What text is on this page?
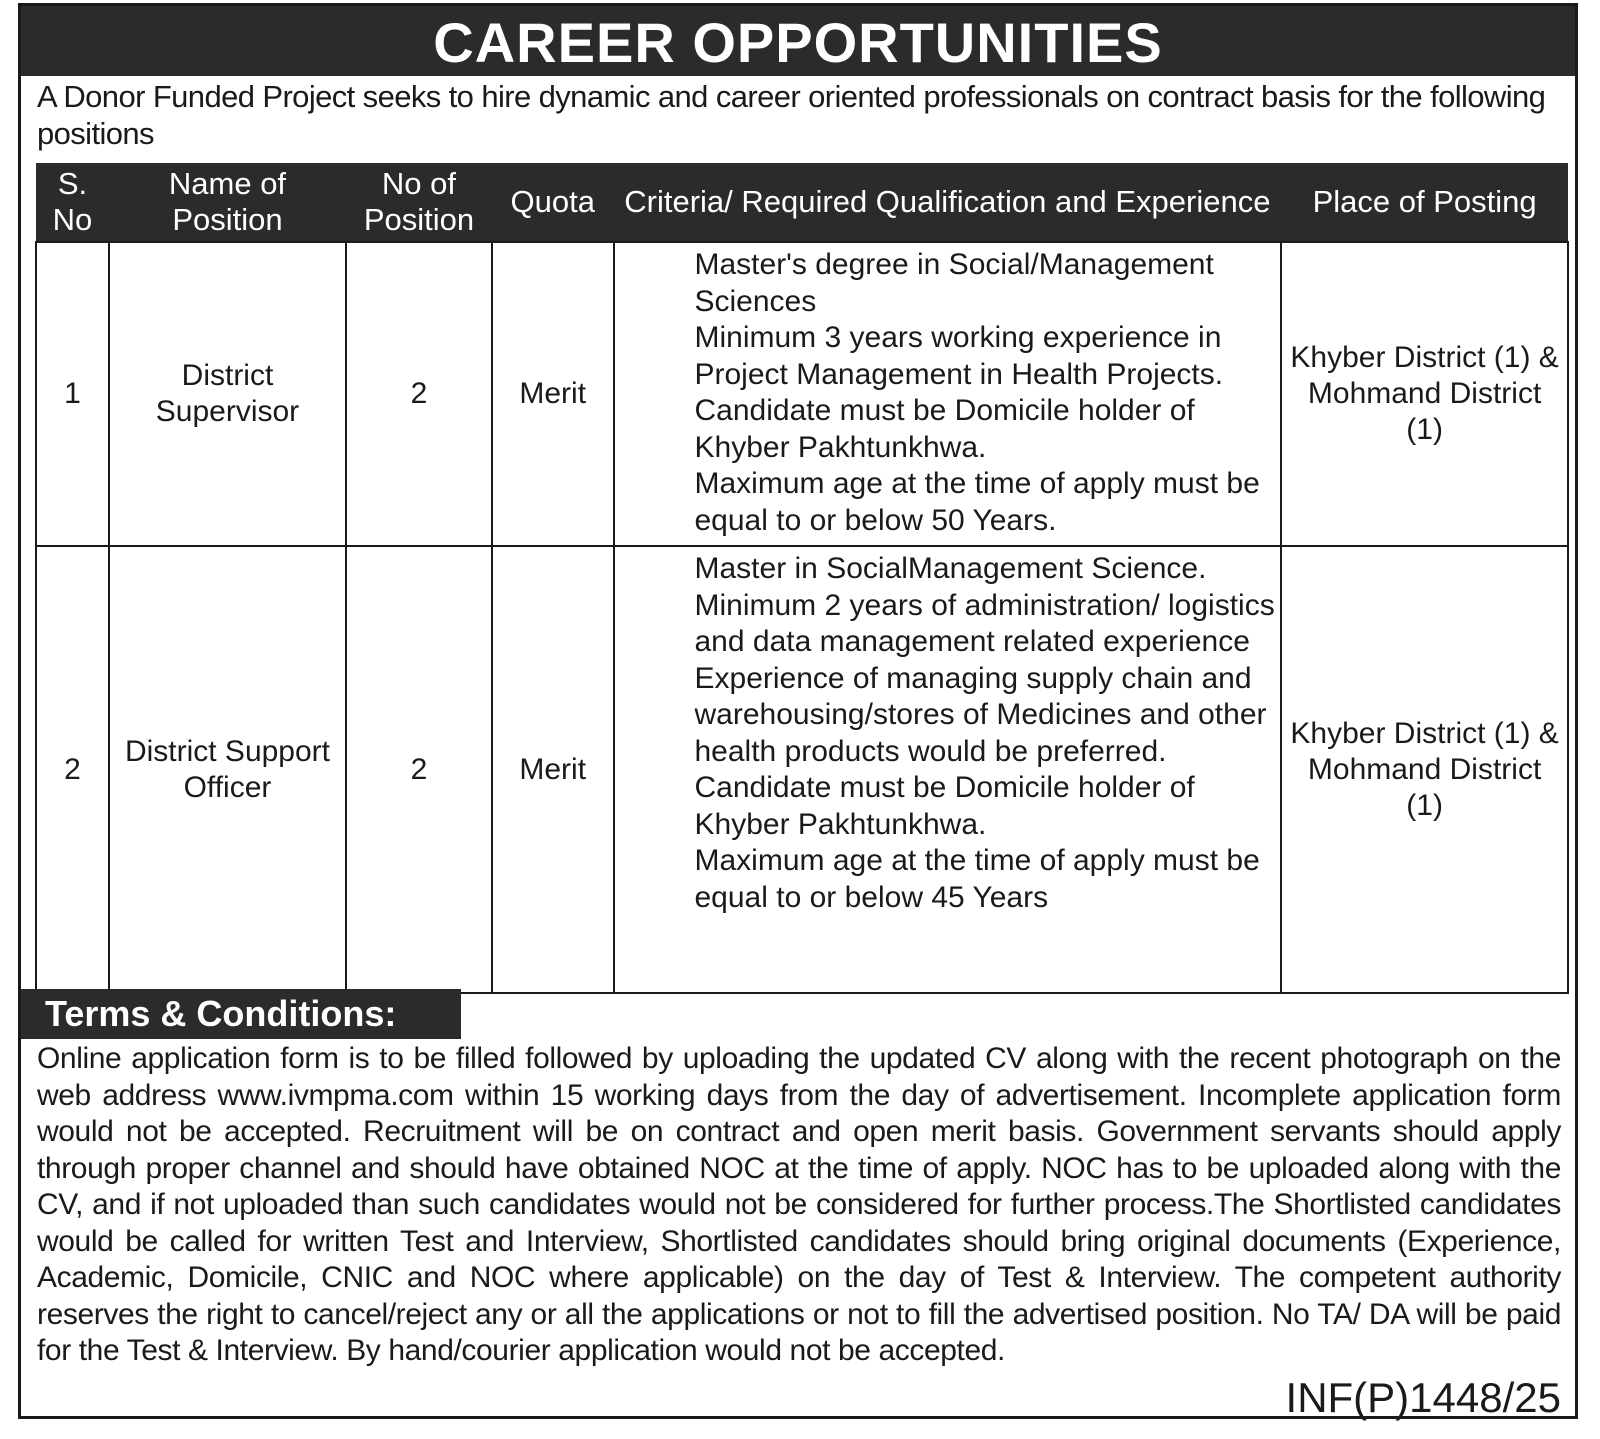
CAREER OPPORTUNITIES
A Donor Funded Project seeks to hire dynamic and career oriented professionals on contract basis for the following positions
S. No	Name of Position	No of Position	Quota	Criteria/ Required Qualification and Experience	Place of Posting
1	District Supervisor	2	Merit	Master's degree in Social/Management Sciences
Minimum 3 years working experience in Project Management in Health Projects.
Candidate must be Domicile holder of Khyber Pakhtunkhwa.
Maximum age at the time of apply must be equal to or below 50 Years.	Khyber District (1) & Mohmand District (1)
2	District Support Officer	2	Merit	Master in SocialManagement Science.
Minimum 2 years of administration/ logistics and data management related experience
Experience of managing supply chain and warehousing/stores of Medicines and other health products would be preferred.
Candidate must be Domicile holder of Khyber Pakhtunkhwa.
Maximum age at the time of apply must be equal to or below 45 Years	Khyber District (1) & Mohmand District (1)
Terms & Conditions:
Online application form is to be filled followed by uploading the updated CV along with the recent photograph on the web address www.ivmpma.com within 15 working days from the day of advertisement. Incomplete application form would not be accepted. Recruitment will be on contract and open merit basis. Government servants should apply through proper channel and should have obtained NOC at the time of apply. NOC has to be uploaded along with the CV, and if not uploaded than such candidates would not be considered for further process.The Shortlisted candidates would be called for written Test and Interview, Shortlisted candidates should bring original documents (Experience, Academic, Domicile, CNIC and NOC where applicable) on the day of Test & Interview. The competent authority reserves the right to cancel/reject any or all the applications or not to fill the advertised position. No TA/ DA will be paid for the Test & Interview. By hand/courier application would not be accepted.
INF(P)1448/25
